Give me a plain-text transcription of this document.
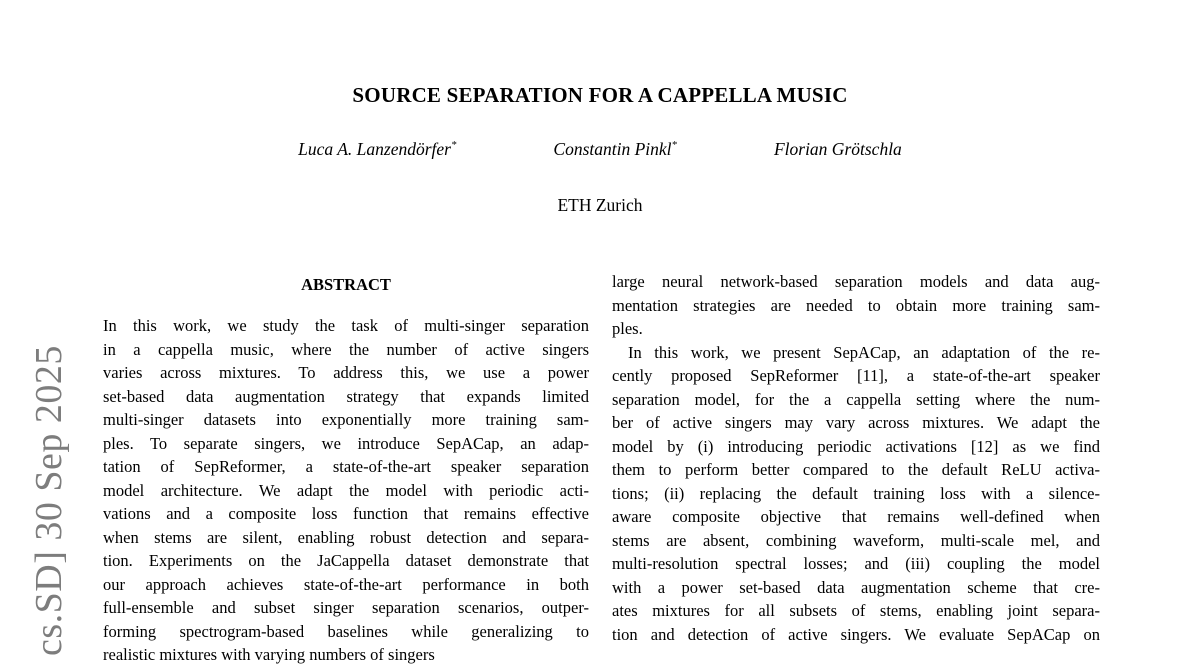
cs.SD] 30 Sep 2025
SOURCE SEPARATION FOR A CAPPELLA MUSIC
Luca A. Lanzendörfer*	Constantin Pinkl*	Florian Grötschla
ETH Zurich
ABSTRACT
In this work, we study the task of multi-singer separation
in a cappella music, where the number of active singers
varies across mixtures. To address this, we use a power
set-based data augmentation strategy that expands limited
multi-singer datasets into exponentially more training sam-
ples. To separate singers, we introduce SepACap, an adap-
tation of SepReformer, a state-of-the-art speaker separation
model architecture. We adapt the model with periodic acti-
vations and a composite loss function that remains effective
when stems are silent, enabling robust detection and separa-
tion. Experiments on the JaCappella dataset demonstrate that
our approach achieves state-of-the-art performance in both
full-ensemble and subset singer separation scenarios, outper-
forming spectrogram-based baselines while generalizing to
realistic mixtures with varying numbers of singers
large neural network-based separation models and data aug-
mentation strategies are needed to obtain more training sam-
ples.
In this work, we present SepACap, an adaptation of the re-
cently proposed SepReformer [11], a state-of-the-art speaker
separation model, for the a cappella setting where the num-
ber of active singers may vary across mixtures. We adapt the
model by (i) introducing periodic activations [12] as we find
them to perform better compared to the default ReLU activa-
tions; (ii) replacing the default training loss with a silence-
aware composite objective that remains well-defined when
stems are absent, combining waveform, multi-scale mel, and
multi-resolution spectral losses; and (iii) coupling the model
with a power set-based data augmentation scheme that cre-
ates mixtures for all subsets of stems, enabling joint separa-
tion and detection of active singers. We evaluate SepACap on
